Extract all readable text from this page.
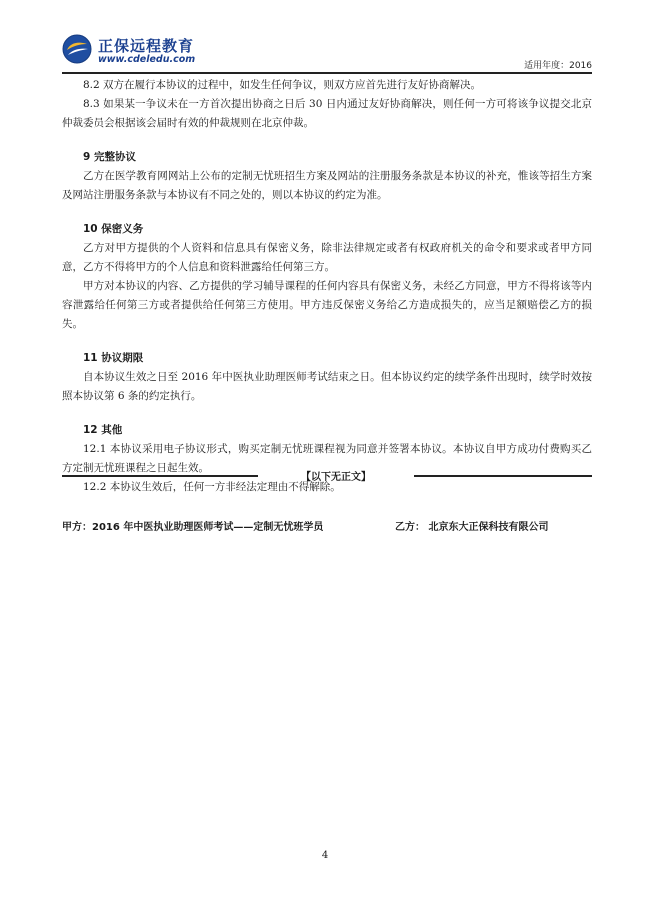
正保远程教育
www.cdeledu.com
适用年度：2016

8.2 双方在履行本协议的过程中，如发生任何争议，则双方应首先进行友好协商解决。

8.3 如果某一争议未在一方首次提出协商之日后 30 日内通过友好协商解决，则任何一方可将该争议提交北京仲裁委员会根据该会届时有效的仲裁规则在北京仲裁。

9 完整协议

乙方在医学教育网网站上公布的定制无忧班招生方案及网站的注册服务条款是本协议的补充，惟该等招生方案及网站注册服务条款与本协议有不同之处的，则以本协议的约定为准。

10 保密义务

乙方对甲方提供的个人资料和信息具有保密义务，除非法律规定或者有权政府机关的命令和要求或者甲方同意，乙方不得将甲方的个人信息和资料泄露给任何第三方。

甲方对本协议的内容、乙方提供的学习辅导课程的任何内容具有保密义务，未经乙方同意，甲方不得将该等内容泄露给任何第三方或者提供给任何第三方使用。甲方违反保密义务给乙方造成损失的，应当足额赔偿乙方的损失。

11 协议期限

自本协议生效之日至 2016 年中医执业助理医师考试结束之日。但本协议约定的续学条件出现时，续学时效按照本协议第 6 条的约定执行。

12 其他

12.1 本协议采用电子协议形式，购买定制无忧班课程视为同意并签署本协议。本协议自甲方成功付费购买乙方定制无忧班课程之日起生效。

12.2 本协议生效后，任何一方非经法定理由不得解除。

【以下无正文】
甲方：2016 年中医执业助理医师考试——定制无忧班学员	乙方： 北京东大正保科技有限公司
4
